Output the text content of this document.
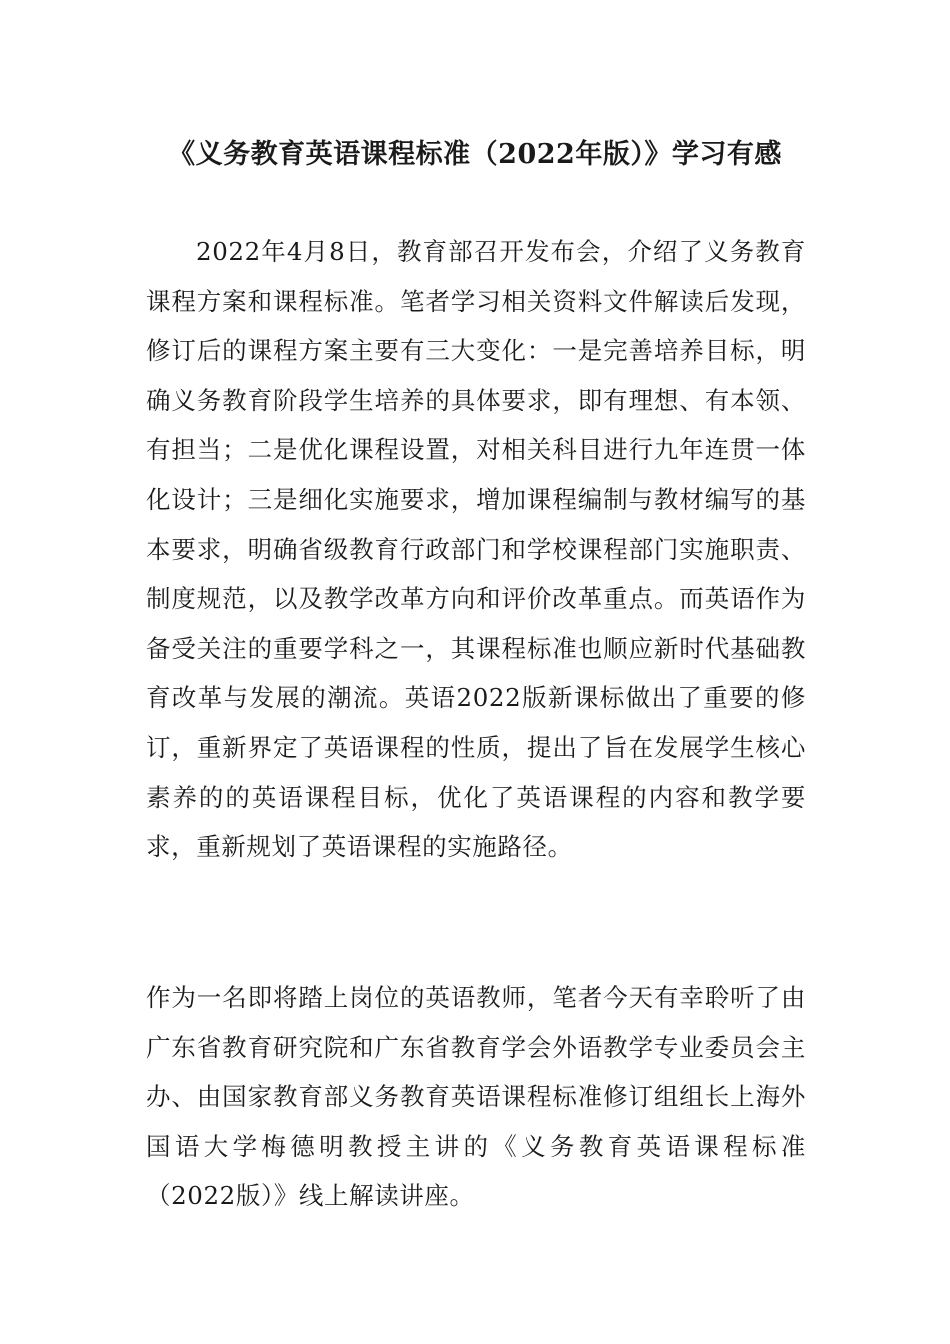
《义务教育英语课程标准（2022年版）》学习有感

2022年4月8日，教育部召开发布会，介绍了义务教育课程方案和课程标准。笔者学习相关资料文件解读后发现，修订后的课程方案主要有三大变化：一是完善培养目标，明确义务教育阶段学生培养的具体要求，即有理想、有本领、有担当；二是优化课程设置，对相关科目进行九年连贯一体化设计；三是细化实施要求，增加课程编制与教材编写的基本要求，明确省级教育行政部门和学校课程部门实施职责、制度规范，以及教学改革方向和评价改革重点。而英语作为备受关注的重要学科之一，其课程标准也顺应新时代基础教育改革与发展的潮流。英语2022版新课标做出了重要的修订，重新界定了英语课程的性质，提出了旨在发展学生核心素养的的英语课程目标，优化了英语课程的内容和教学要求，重新规划了英语课程的实施路径。

作为一名即将踏上岗位的英语教师，笔者今天有幸聆听了由广东省教育研究院和广东省教育学会外语教学专业委员会主办、由国家教育部义务教育英语课程标准修订组组长上海外国语大学梅德明教授主讲的《义务教育英语课程标准（2022版）》线上解读讲座。
